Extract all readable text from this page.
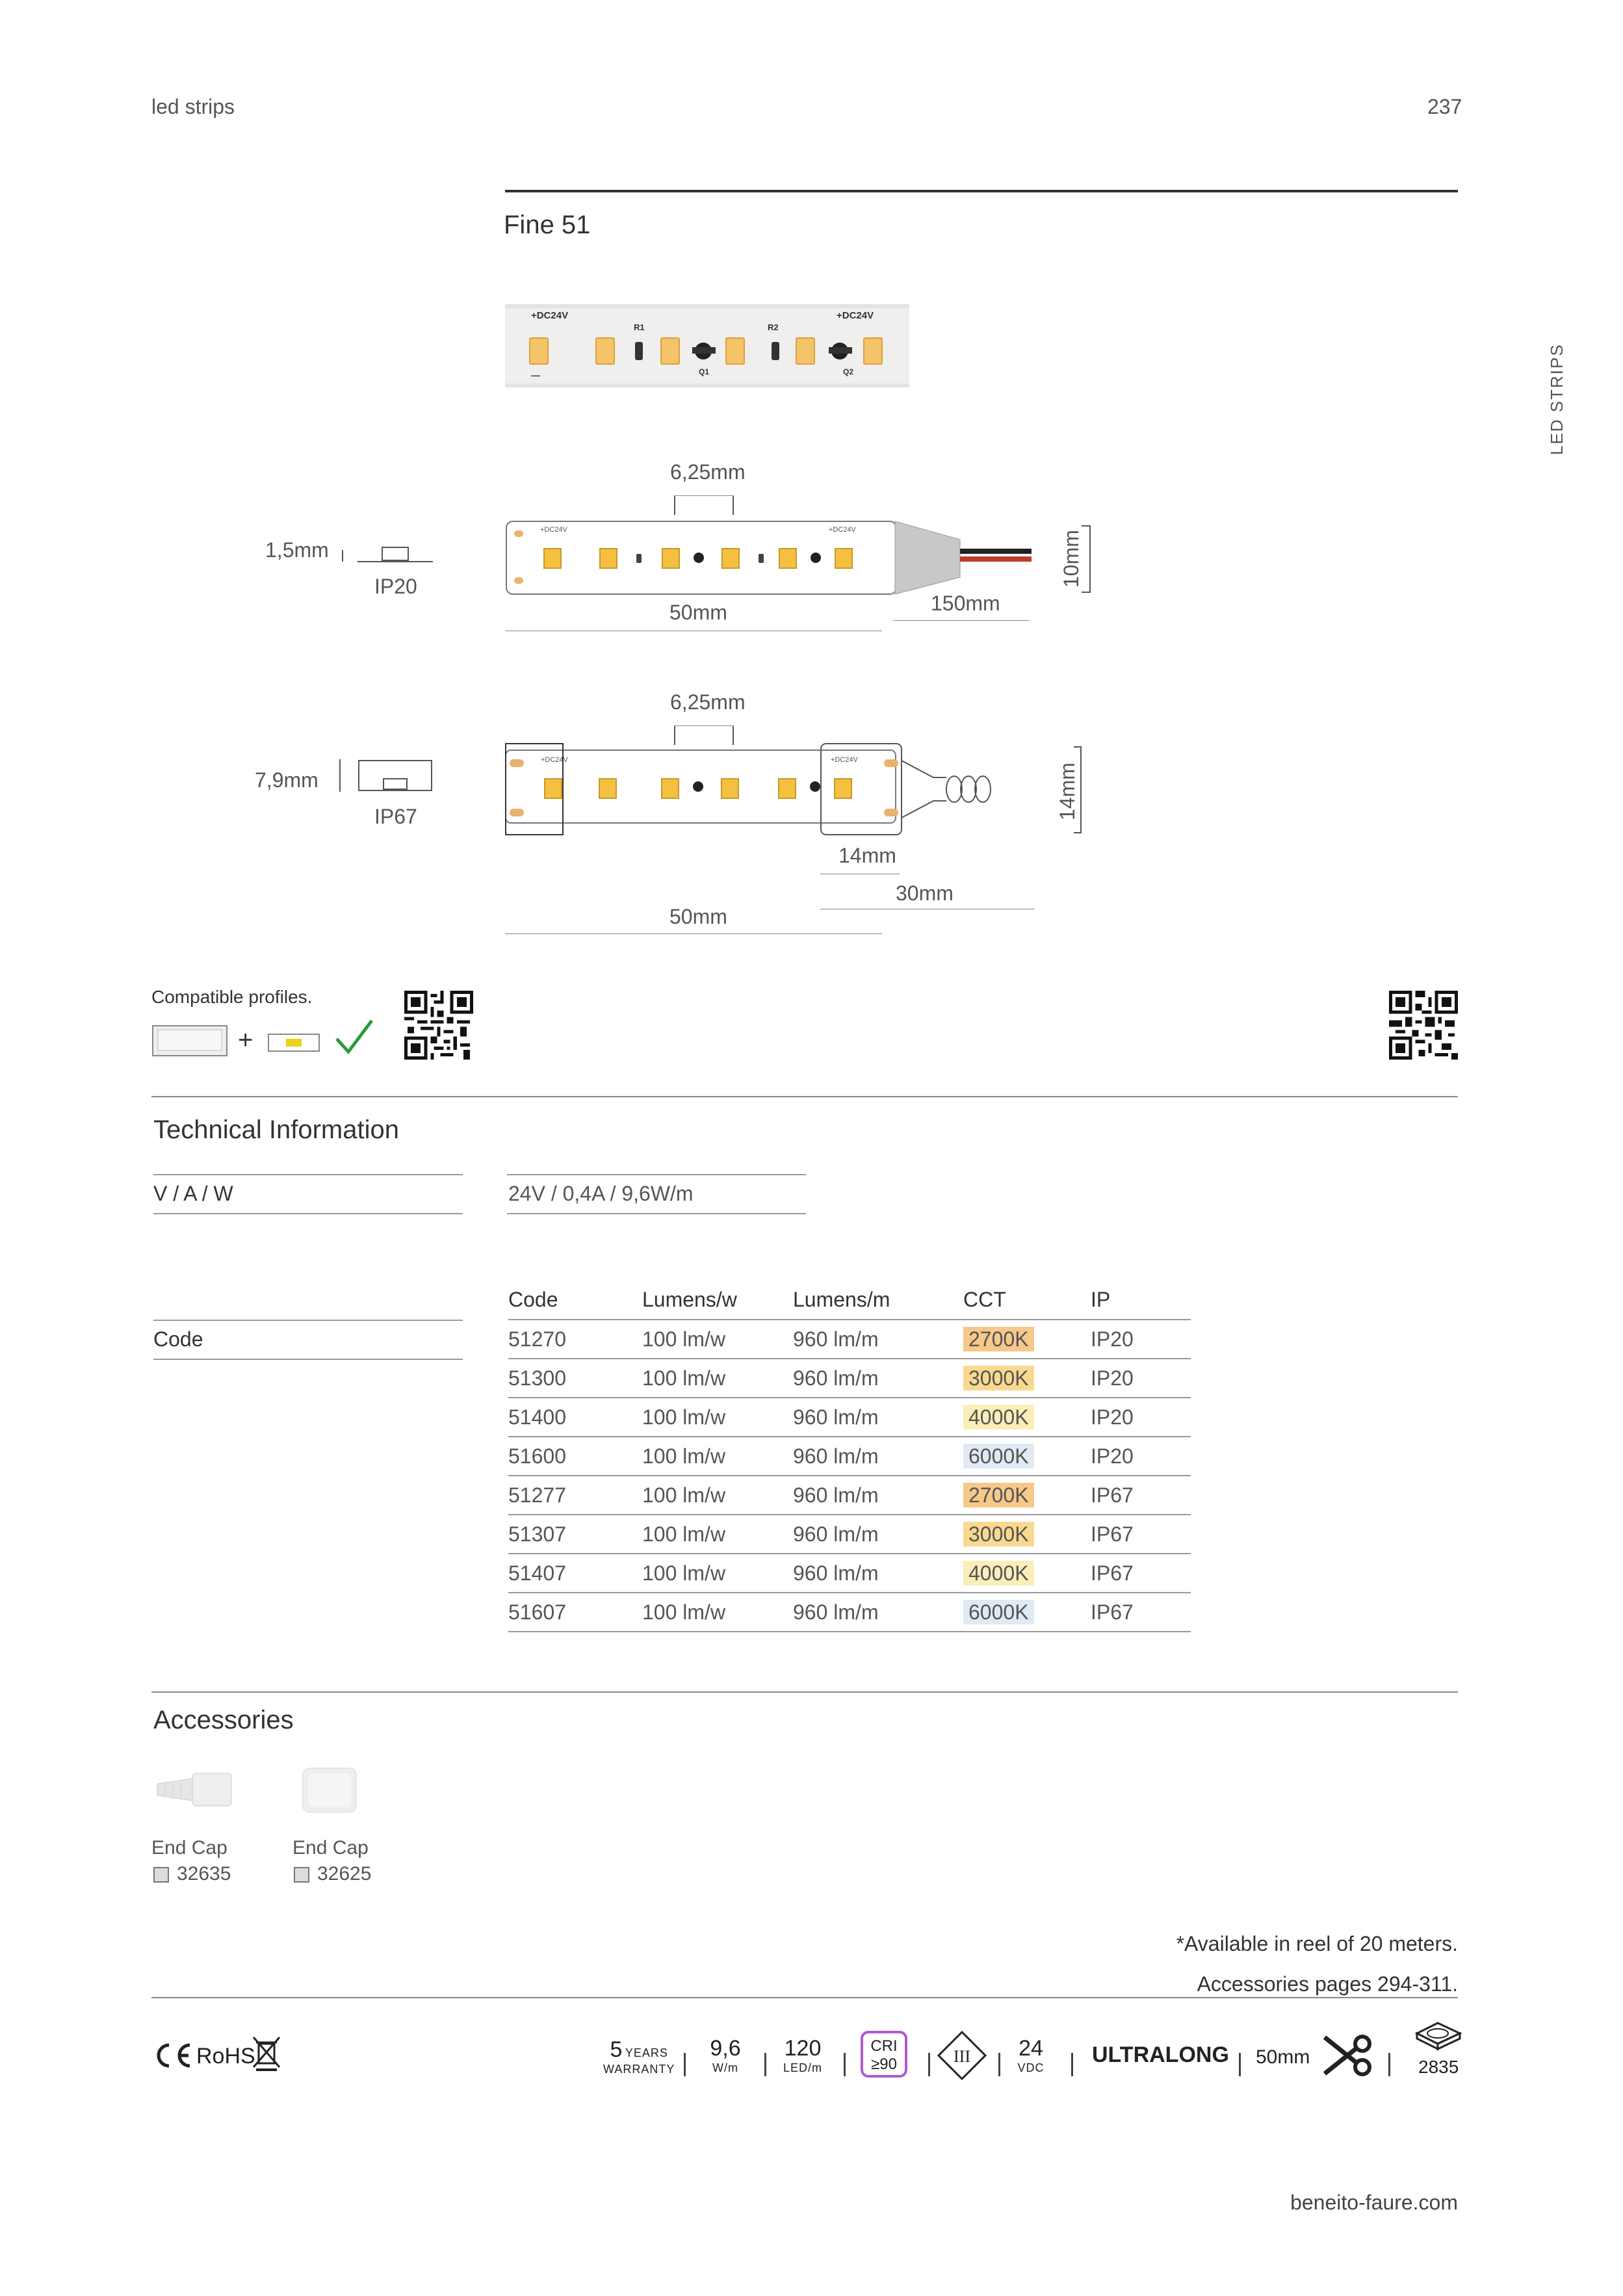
led strips	237
LED STRIPS
Fine 51
+DC24V	+DC24V
R1	R2
Q1	Q2
—
6,25mm
1,5mm
IP20
+DC24V	+DC24V
10mm
50mm	150mm
6,25mm
7,9mm
IP67
+DC24V	+DC24V
14mm
14mm
30mm
50mm
Compatible profiles.
+
Technical Information
V / A / W	24V / 0,4A / 9,6W/m
Code
Code	Lumens/w	Lumens/m	CCT	IP
51270	100 lm/w	960 lm/m	2700K	IP20
51300	100 lm/w	960 lm/m	3000K	IP20
51400	100 lm/w	960 lm/m	4000K	IP20
51600	100 lm/w	960 lm/m	6000K	IP20
51277	100 lm/w	960 lm/m	2700K	IP67
51307	100 lm/w	960 lm/m	3000K	IP67
51407	100 lm/w	960 lm/m	4000K	IP67
51607	100 lm/w	960 lm/m	6000K	IP67
Accessories
End Cap
32635
End Cap
32625
*Available in reel of 20 meters.
Accessories pages 294-311.
RoHS	5 YEARS
WARRANTY
9,6
W/m
120
LED/m
CRI
≥90	III	24
VDC
ULTRALONG 50mm	2835
beneito-faure.com
